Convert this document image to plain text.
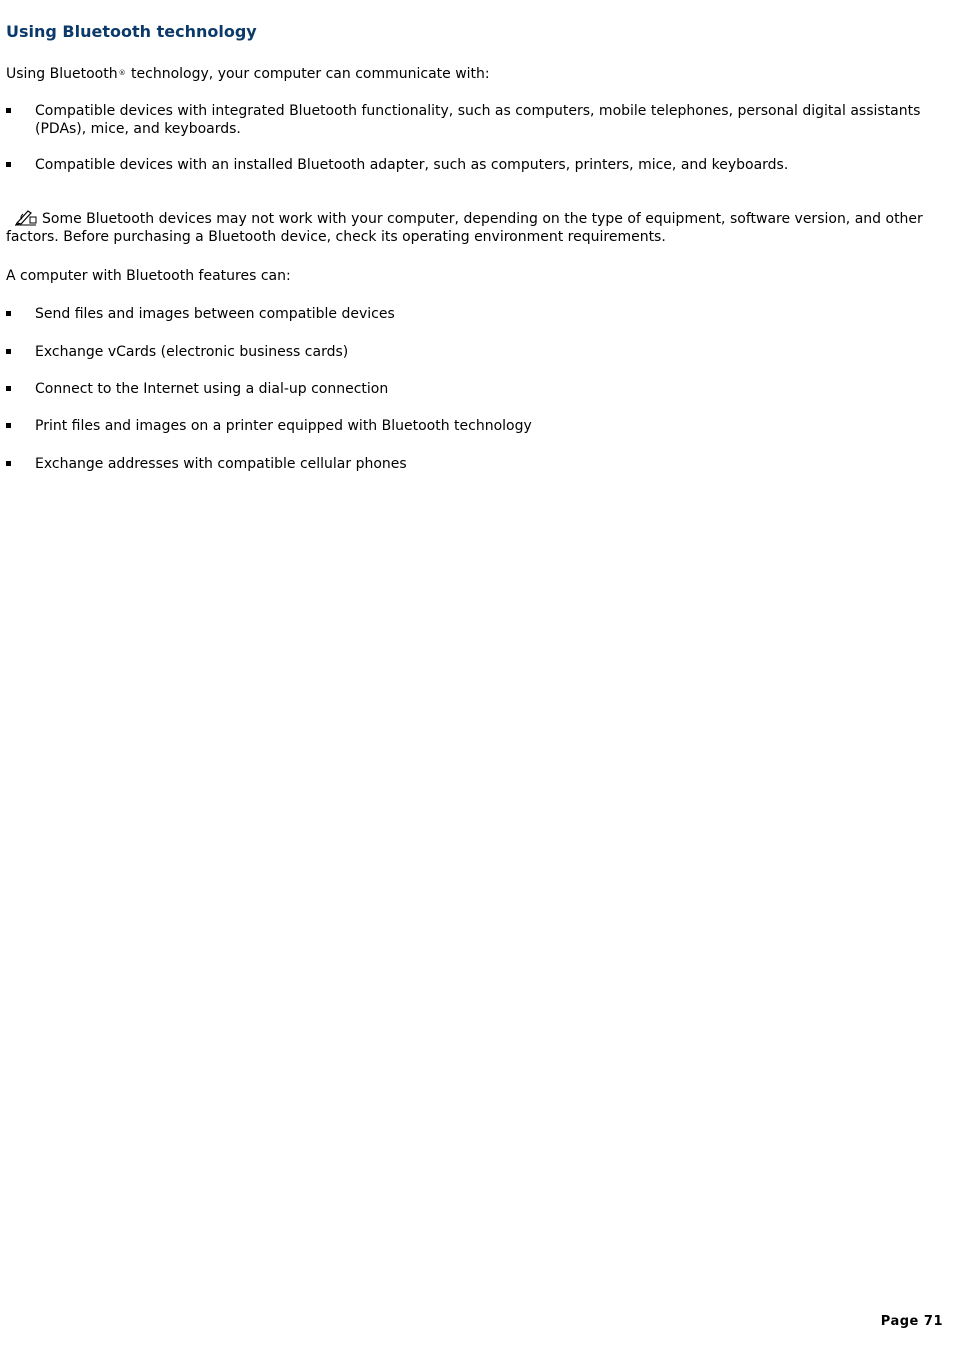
Using Bluetooth technology

Using Bluetooth® technology, your computer can communicate with:

Compatible devices with integrated Bluetooth functionality, such as computers, mobile telephones, personal digital assistants (PDAs), mice, and keyboards.
Compatible devices with an installed Bluetooth adapter, such as computers, printers, mice, and keyboards.

Some Bluetooth devices may not work with your computer, depending on the type of equipment, software version, and other factors. Before purchasing a Bluetooth device, check its operating environment requirements.

A computer with Bluetooth features can:

Send files and images between compatible devices
Exchange vCards (electronic business cards)
Connect to the Internet using a dial-up connection
Print files and images on a printer equipped with Bluetooth technology
Exchange addresses with compatible cellular phones
Page 71
